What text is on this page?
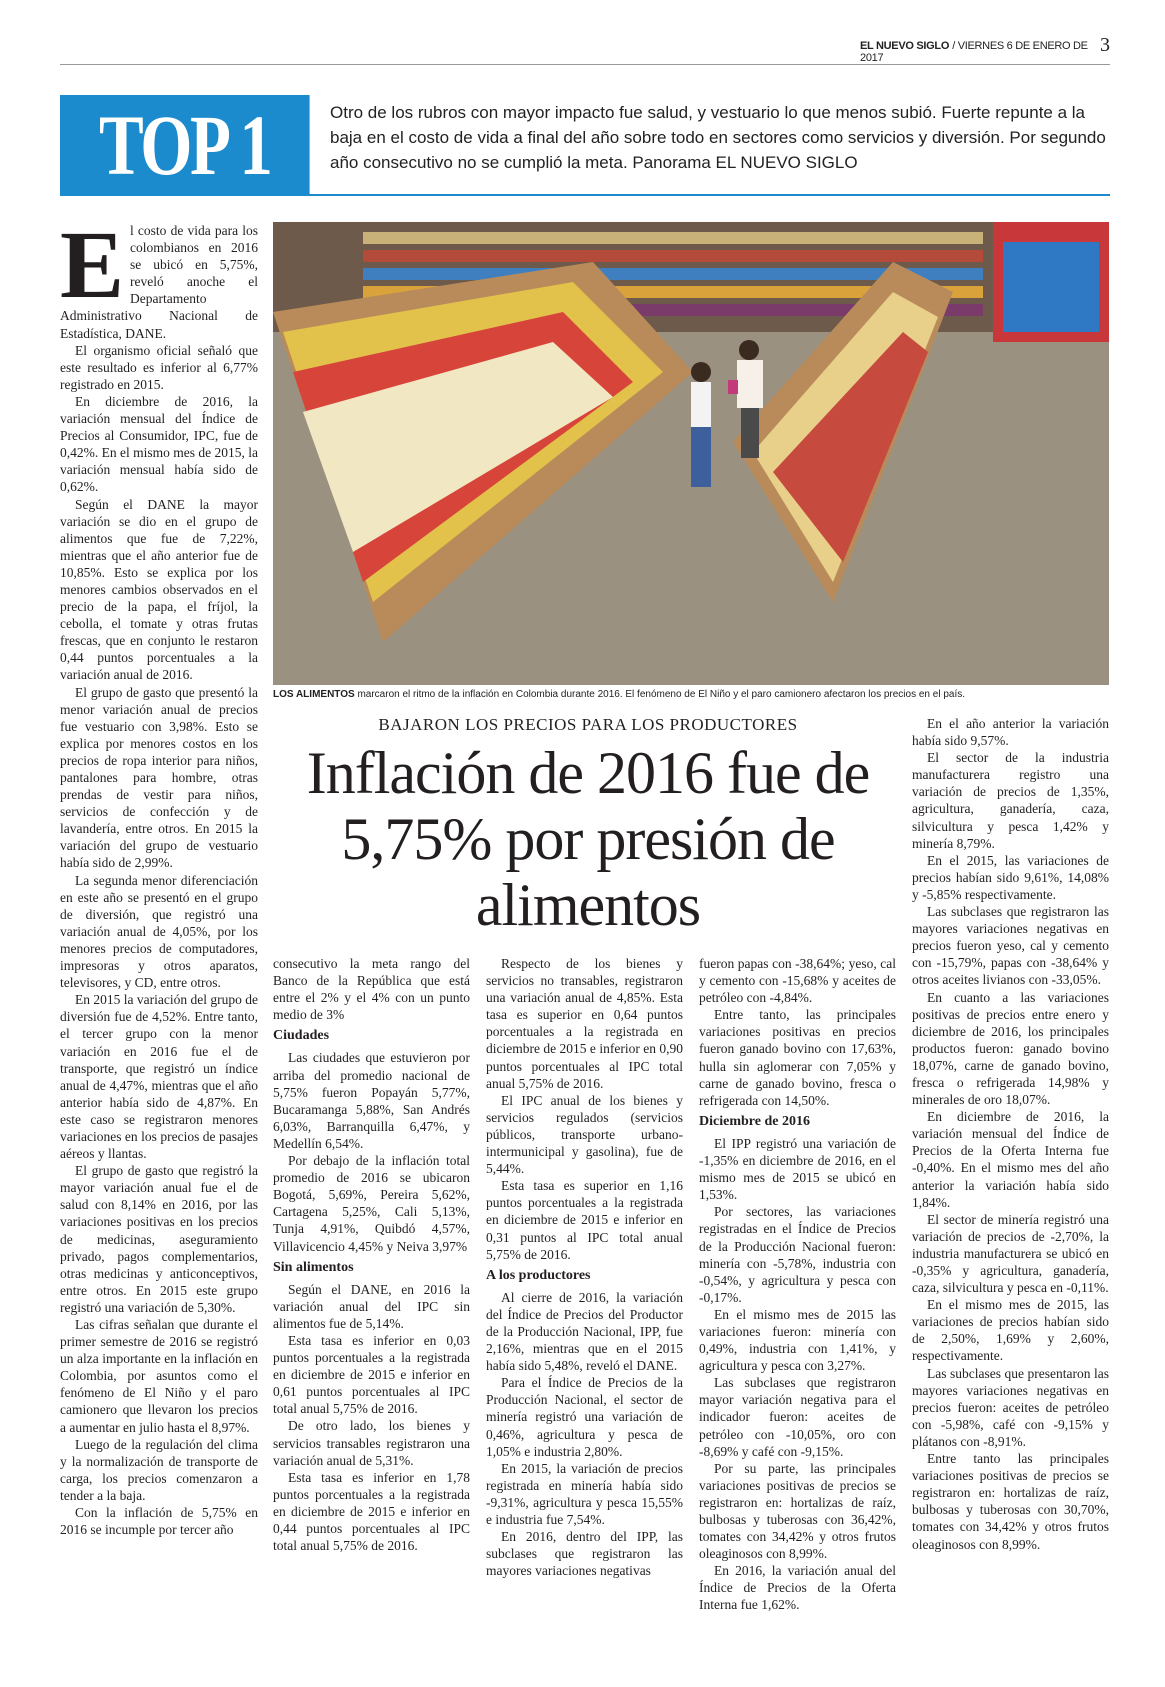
EL NUEVO SIGLO / VIERNES 6 DE ENERO DE 2017
3
TOP 1	Otro de los rubros con mayor impacto fue salud, y vestuario lo que menos subió. Fuerte repunte a la baja en el costo de vida a final del año sobre todo en sectores como servicios y diversión. Por segundo año consecutivo no se cumplió la meta. Panorama EL NUEVO SIGLO

El costo de vida para los colombianos en 2016 se ubicó en 5,75%, reveló anoche el Departamento Administrativo Nacional de Estadística, DANE.

El organismo oficial señaló que este resultado es inferior al 6,77% registrado en 2015.

En diciembre de 2016, la variación mensual del Índice de Precios al Consumidor, IPC, fue de 0,42%. En el mismo mes de 2015, la variación mensual había sido de 0,62%.

Según el DANE la mayor variación se dio en el grupo de alimentos que fue de 7,22%, mientras que el año anterior fue de 10,85%. Esto se explica por los menores cambios observados en el precio de la papa, el fríjol, la cebolla, el tomate y otras frutas frescas, que en conjunto le restaron 0,44 puntos porcentuales a la variación anual de 2016.

El grupo de gasto que presentó la menor variación anual de precios fue vestuario con 3,98%. Esto se explica por menores costos en los precios de ropa interior para niños, pantalones para hombre, otras prendas de vestir para niños, servicios de confección y de lavandería, entre otros. En 2015 la variación del grupo de vestuario había sido de 2,99%.

La segunda menor diferenciación en este año se presentó en el grupo de diversión, que registró una variación anual de 4,05%, por los menores precios de computadores, impresoras y otros aparatos, televisores, y CD, entre otros.

En 2015 la variación del grupo de diversión fue de 4,52%. Entre tanto, el tercer grupo con la menor variación en 2016 fue el de transporte, que registró un índice anual de 4,47%, mientras que el año anterior había sido de 4,87%. En este caso se registraron menores variaciones en los precios de pasajes aéreos y llantas.

El grupo de gasto que registró la mayor variación anual fue el de salud con 8,14% en 2016, por las variaciones positivas en los precios de medicinas, aseguramiento privado, pagos complementarios, otras medicinas y anticonceptivos, entre otros. En 2015 este grupo registró una variación de 5,30%.

Las cifras señalan que durante el primer semestre de 2016 se registró un alza importante en la inflación en Colombia, por asuntos como el fenómeno de El Niño y el paro camionero que llevaron los precios a aumentar en julio hasta el 8,97%.

Luego de la regulación del clima y la normalización de transporte de carga, los precios comenzaron a tender a la baja.

Con la inflación de 5,75% en 2016 se incumple por tercer año

LOS ALIMENTOS marcaron el ritmo de la inflación en Colombia durante 2016. El fenómeno de El Niño y el paro camionero afectaron los precios en el país.
BAJARON LOS PRECIOS PARA LOS PRODUCTORES
Inflación de 2016 fue de 5,75% por presión de alimentos

consecutivo la meta rango del Banco de la República que está entre el 2% y el 4% con un punto medio de 3%

Ciudades

Las ciudades que estuvieron por arriba del promedio nacional de 5,75% fueron Popayán 5,77%, Bucaramanga 5,88%, San Andrés 6,03%, Barranquilla 6,47%, y Medellín 6,54%.

Por debajo de la inflación total promedio de 2016 se ubicaron Bogotá, 5,69%, Pereira 5,62%, Cartagena 5,25%, Cali 5,13%, Tunja 4,91%, Quibdó 4,57%, Villavicencio 4,45% y Neiva 3,97%

Sin alimentos

Según el DANE, en 2016 la variación anual del IPC sin alimentos fue de 5,14%.

Esta tasa es inferior en 0,03 puntos porcentuales a la registrada en diciembre de 2015 e inferior en 0,61 puntos porcentuales al IPC total anual 5,75% de 2016.

De otro lado, los bienes y servicios transables registraron una variación anual de 5,31%.

Esta tasa es inferior en 1,78 puntos porcentuales a la registrada en diciembre de 2015 e inferior en 0,44 puntos porcentuales al IPC total anual 5,75% de 2016.

Respecto de los bienes y servicios no transables, registraron una variación anual de 4,85%. Esta tasa es superior en 0,64 puntos porcentuales a la registrada en diciembre de 2015 e inferior en 0,90 puntos porcentuales al IPC total anual 5,75% de 2016.

El IPC anual de los bienes y servicios regulados (servicios públicos, transporte urbano-intermunicipal y gasolina), fue de 5,44%.

Esta tasa es superior en 1,16 puntos porcentuales a la registrada en diciembre de 2015 e inferior en 0,31 puntos al IPC total anual 5,75% de 2016.

A los productores

Al cierre de 2016, la variación del Índice de Precios del Productor de la Producción Nacional, IPP, fue 2,16%, mientras que en el 2015 había sido 5,48%, reveló el DANE.

Para el Índice de Precios de la Producción Nacional, el sector de minería registró una variación de 0,46%, agricultura y pesca de 1,05% e industria 2,80%.

En 2015, la variación de precios registrada en minería había sido -9,31%, agricultura y pesca 15,55% e industria fue 7,54%.

En 2016, dentro del IPP, las subclases que registraron las mayores variaciones negativas

fueron papas con -38,64%; yeso, cal y cemento con -15,68% y aceites de petróleo con -4,84%.

Entre tanto, las principales variaciones positivas en precios fueron ganado bovino con 17,63%, hulla sin aglomerar con 7,05% y carne de ganado bovino, fresca o refrigerada con 14,50%.

Diciembre de 2016

El IPP registró una variación de -1,35% en diciembre de 2016, en el mismo mes de 2015 se ubicó en 1,53%.

Por sectores, las variaciones registradas en el Índice de Precios de la Producción Nacional fueron: minería con -5,78%, industria con -0,54%, y agricultura y pesca con -0,17%.

En el mismo mes de 2015 las variaciones fueron: minería con 0,49%, industria con 1,41%, y agricultura y pesca con 3,27%.

Las subclases que registraron mayor variación negativa para el indicador fueron: aceites de petróleo con -10,05%, oro con -8,69% y café con -9,15%.

Por su parte, las principales variaciones positivas de precios se registraron en: hortalizas de raíz, bulbosas y tuberosas con 36,42%, tomates con 34,42% y otros frutos oleaginosos con 8,99%.

En 2016, la variación anual del Índice de Precios de la Oferta Interna fue 1,62%.

En el año anterior la variación había sido 9,57%.

El sector de la industria manufacturera registro una variación de precios de 1,35%, agricultura, ganadería, caza, silvicultura y pesca 1,42% y minería 8,79%.

En el 2015, las variaciones de precios habían sido 9,61%, 14,08% y -5,85% respectivamente.

Las subclases que registraron las mayores variaciones negativas en precios fueron yeso, cal y cemento con -15,79%, papas con -38,64% y otros aceites livianos con -33,05%.

En cuanto a las variaciones positivas de precios entre enero y diciembre de 2016, los principales productos fueron: ganado bovino 18,07%, carne de ganado bovino, fresca o refrigerada 14,98% y minerales de oro 18,07%.

En diciembre de 2016, la variación mensual del Índice de Precios de la Oferta Interna fue -0,40%. En el mismo mes del año anterior la variación había sido 1,84%.

El sector de minería registró una variación de precios de -2,70%, la industria manufacturera se ubicó en -0,35% y agricultura, ganadería, caza, silvicultura y pesca en -0,11%.

En el mismo mes de 2015, las variaciones de precios habían sido de 2,50%, 1,69% y 2,60%, respectivamente.

Las subclases que presentaron las mayores variaciones negativas en precios fueron: aceites de petróleo con -5,98%, café con -9,15% y plátanos con -8,91%.

Entre tanto las principales variaciones positivas de precios se registraron en: hortalizas de raíz, bulbosas y tuberosas con 30,70%, tomates con 34,42% y otros frutos oleaginosos con 8,99%.
